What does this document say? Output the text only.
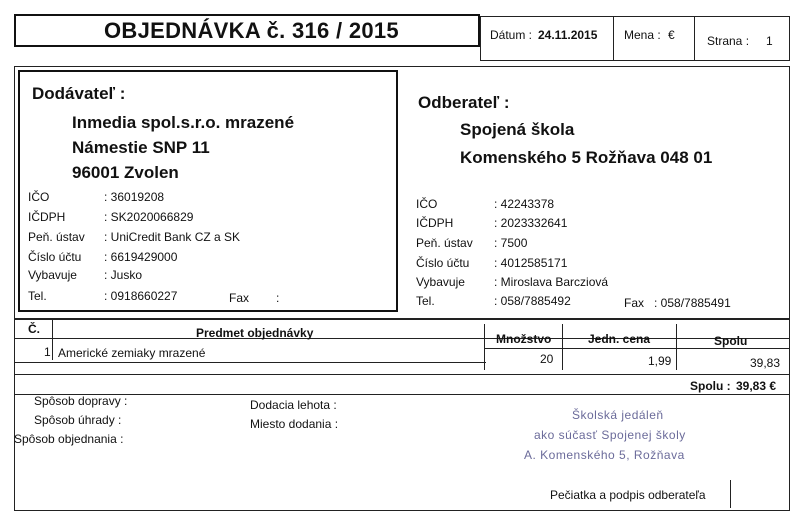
OBJEDNÁVKA č. 316 / 2015	Dátum : 24.11.2015 Mena : €	Strana : 1
Dodávateľ :
Inmedia spol.s.r.o. mrazené
Námestie SNP 11
96001 Zvolen
IČO	: 36019208
IČDPH	: SK2020066829
Peň. ústav : UniCredit Bank CZ a SK
Číslo účtu : 6619429000
Vybavuje : Jusko
Tel.	: 0918660227	Fax :
Odberateľ :
Spojená škola
Komenského 5 Rožňava 048 01
IČO	: 42243378
IČDPH	: 2023332641
Peň. ústav : 7500
Číslo účtu : 4012585171
Vybavuje : Miroslava Barcziová
Tel.	: 058/7885492	Fax : 058/7885491
Č.	Predmet objednávky	Množstvo	Jedn. cena	Spolu
1 Americké zemiaky mrazené	20	1,99	39,83
Spolu : 39,83 €
Spôsob dopravy :
Spôsob úhrady :
Spôsob objednania :
Dodacia lehota :
Miesto dodania :
Školská jedáleň
ako súčasť Spojenej školy
A. Komenského 5, Rožňava
Pečiatka a podpis odberateľa
